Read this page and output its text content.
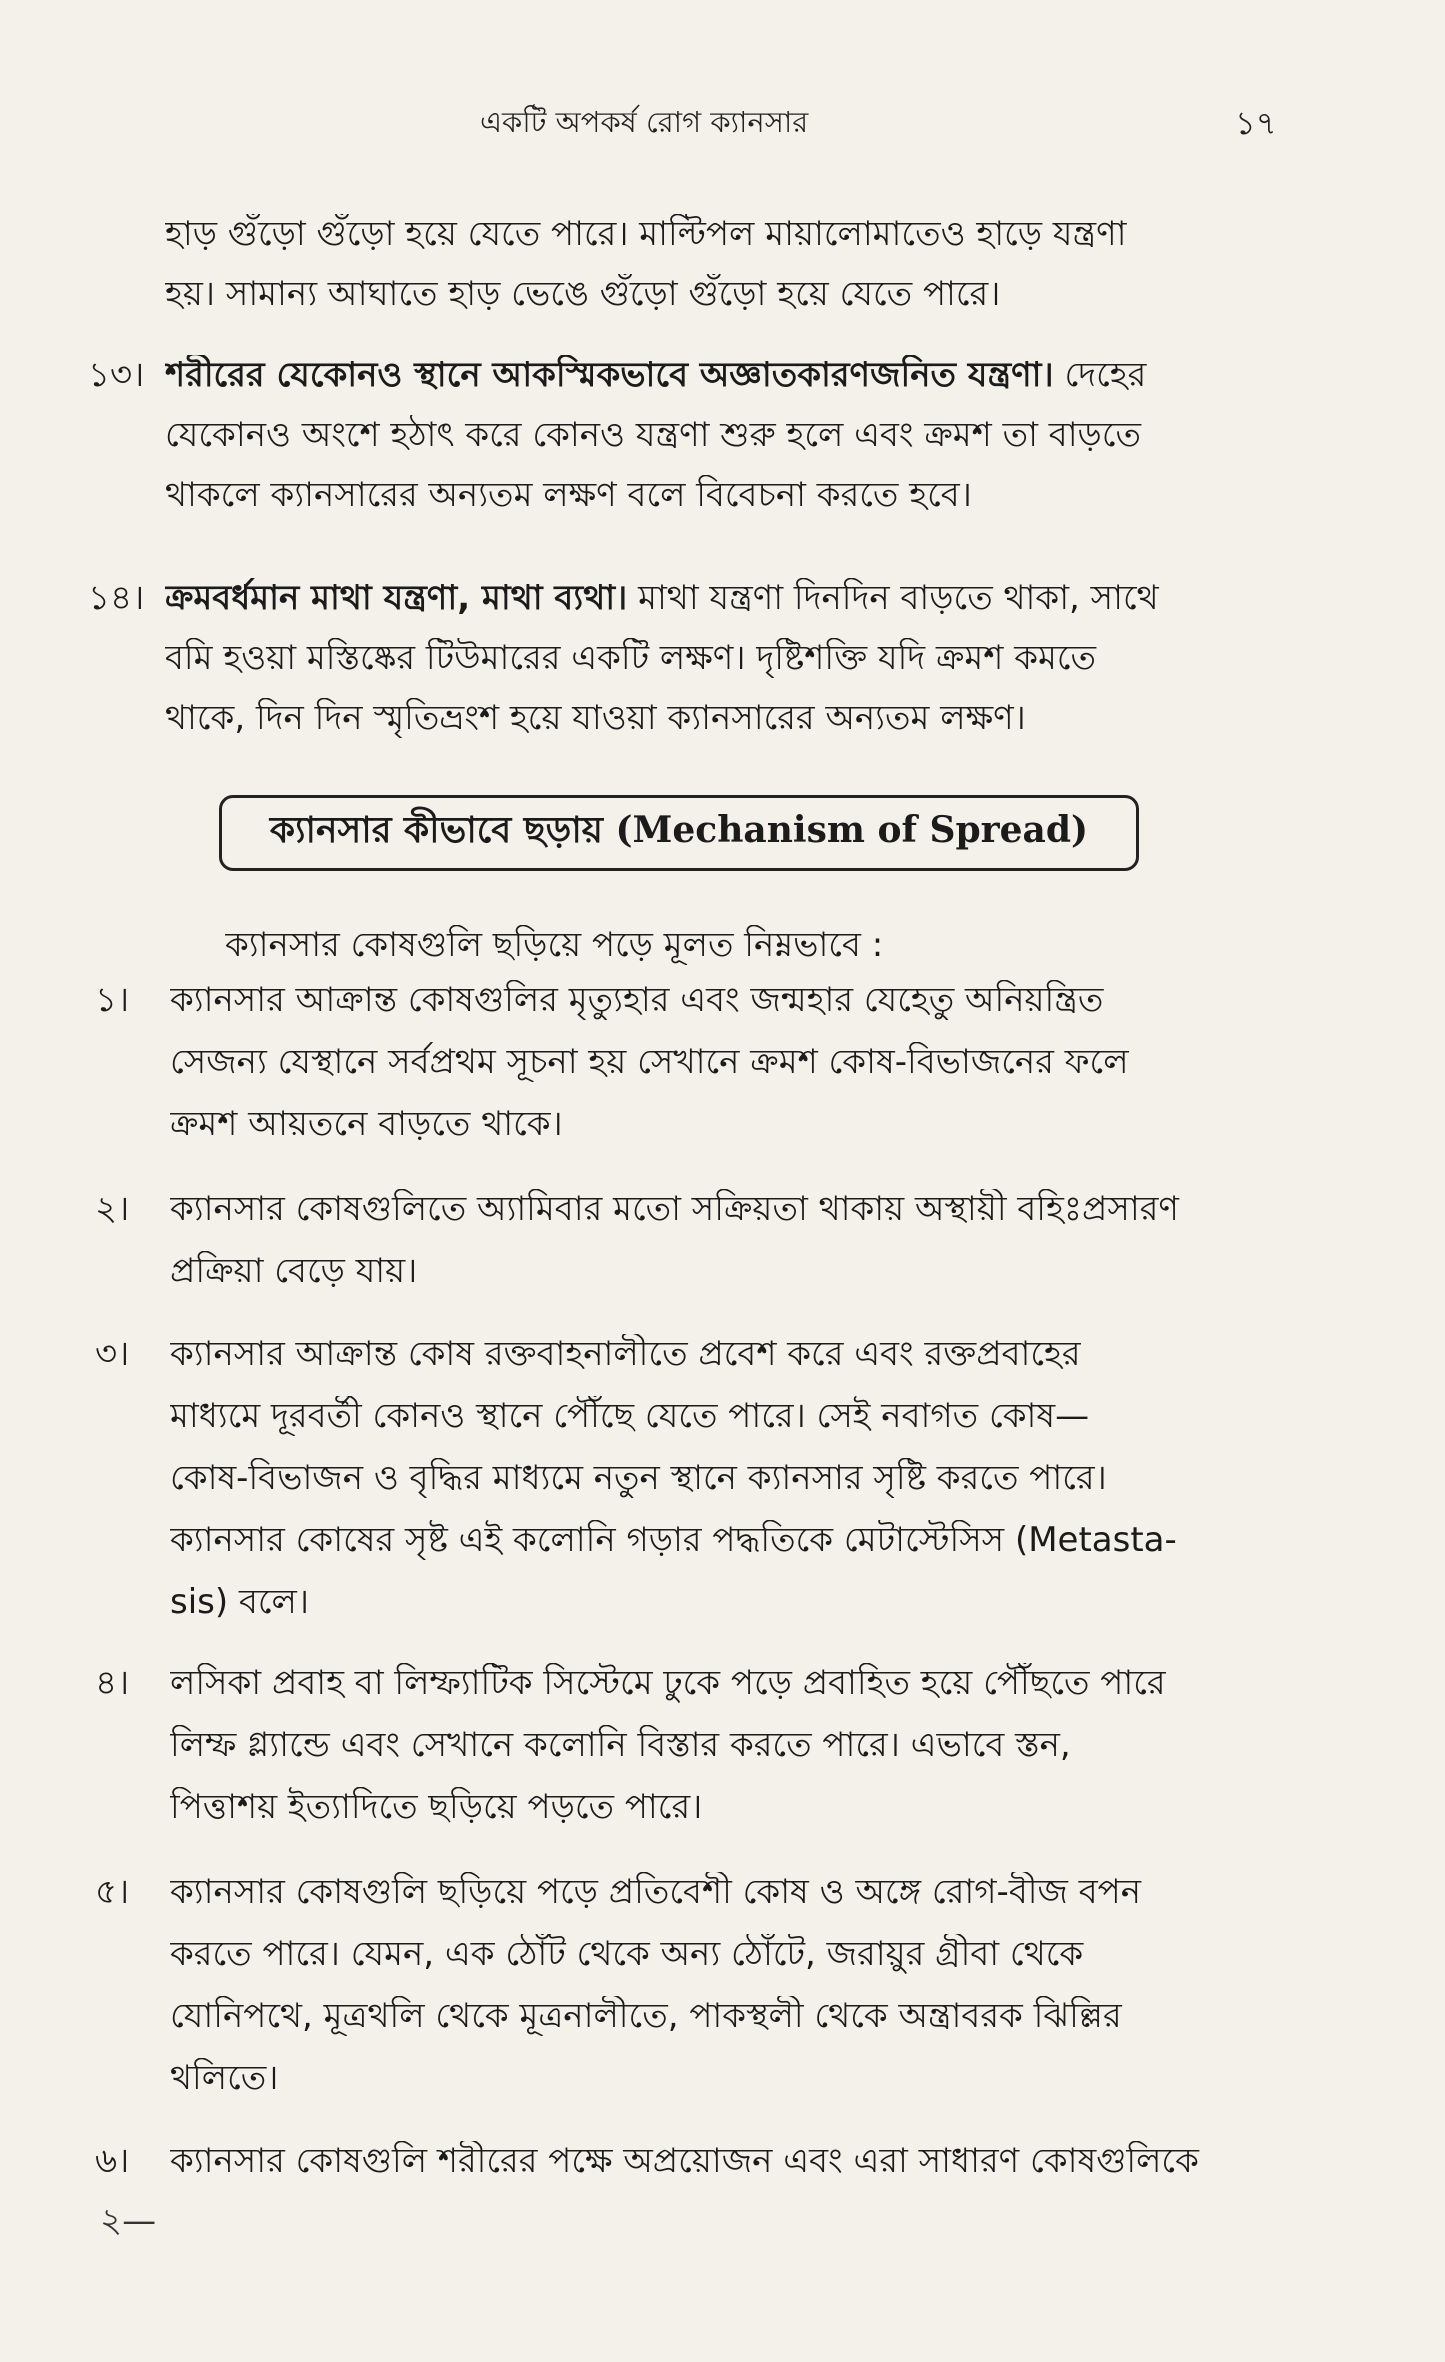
একটি অপকর্ষ রোগ ক্যানসার	১৭
হাড় গুঁড়ো গুঁড়ো হয়ে যেতে পারে। মাল্টিপল মায়ালোমাতেও হাড়ে যন্ত্রণা
হয়। সামান্য আঘাতে হাড় ভেঙে গুঁড়ো গুঁড়ো হয়ে যেতে পারে।
১৩। শরীরের যেকোনও স্থানে আকস্মিকভাবে অজ্ঞাতকারণজনিত যন্ত্রণা। দেহের
যেকোনও অংশে হঠাৎ করে কোনও যন্ত্রণা শুরু হলে এবং ক্রমশ তা বাড়তে
থাকলে ক্যানসারের অন্যতম লক্ষণ বলে বিবেচনা করতে হবে।
১৪। ক্রমবর্ধমান মাথা যন্ত্রণা, মাথা ব্যথা। মাথা যন্ত্রণা দিনদিন বাড়তে থাকা, সাথে
বমি হওয়া মস্তিষ্কের টিউমারের একটি লক্ষণ। দৃষ্টিশক্তি যদি ক্রমশ কমতে
থাকে, দিন দিন স্মৃতিভ্রংশ হয়ে যাওয়া ক্যানসারের অন্যতম লক্ষণ।
ক্যানসার কীভাবে ছড়ায় (Mechanism of Spread)
ক্যানসার কোষগুলি ছড়িয়ে পড়ে মূলত নিম্নভাবে :
১। ক্যানসার আক্রান্ত কোষগুলির মৃত্যুহার এবং জন্মহার যেহেতু অনিয়ন্ত্রিত
সেজন্য যেস্থানে সর্বপ্রথম সূচনা হয় সেখানে ক্রমশ কোষ-বিভাজনের ফলে
ক্রমশ আয়তনে বাড়তে থাকে।
২। ক্যানসার কোষগুলিতে অ্যামিবার মতো সক্রিয়তা থাকায় অস্থায়ী বহিঃপ্রসারণ
প্রক্রিয়া বেড়ে যায়।
৩। ক্যানসার আক্রান্ত কোষ রক্তবাহনালীতে প্রবেশ করে এবং রক্তপ্রবাহের
মাধ্যমে দূরবর্তী কোনও স্থানে পৌঁছে যেতে পারে। সেই নবাগত কোষ—
কোষ-বিভাজন ও বৃদ্ধির মাধ্যমে নতুন স্থানে ক্যানসার সৃষ্টি করতে পারে।
ক্যানসার কোষের সৃষ্ট এই কলোনি গড়ার পদ্ধতিকে মেটাস্টেসিস (Metasta-
sis) বলে।
৪। লসিকা প্রবাহ বা লিম্ফ্যাটিক সিস্টেমে ঢুকে পড়ে প্রবাহিত হয়ে পৌঁছতে পারে
লিম্ফ গ্ল্যান্ডে এবং সেখানে কলোনি বিস্তার করতে পারে। এভাবে স্তন,
পিত্তাশয় ইত্যাদিতে ছড়িয়ে পড়তে পারে।
৫। ক্যানসার কোষগুলি ছড়িয়ে পড়ে প্রতিবেশী কোষ ও অঙ্গে রোগ-বীজ বপন
করতে পারে। যেমন, এক ঠোঁট থেকে অন্য ঠোঁটে, জরায়ুর গ্রীবা থেকে
যোনিপথে, মূত্রথলি থেকে মূত্রনালীতে, পাকস্থলী থেকে অন্ত্রাবরক ঝিল্লির
থলিতে।
৬। ক্যানসার কোষগুলি শরীরের পক্ষে অপ্রয়োজন এবং এরা সাধারণ কোষগুলিকে
২—
